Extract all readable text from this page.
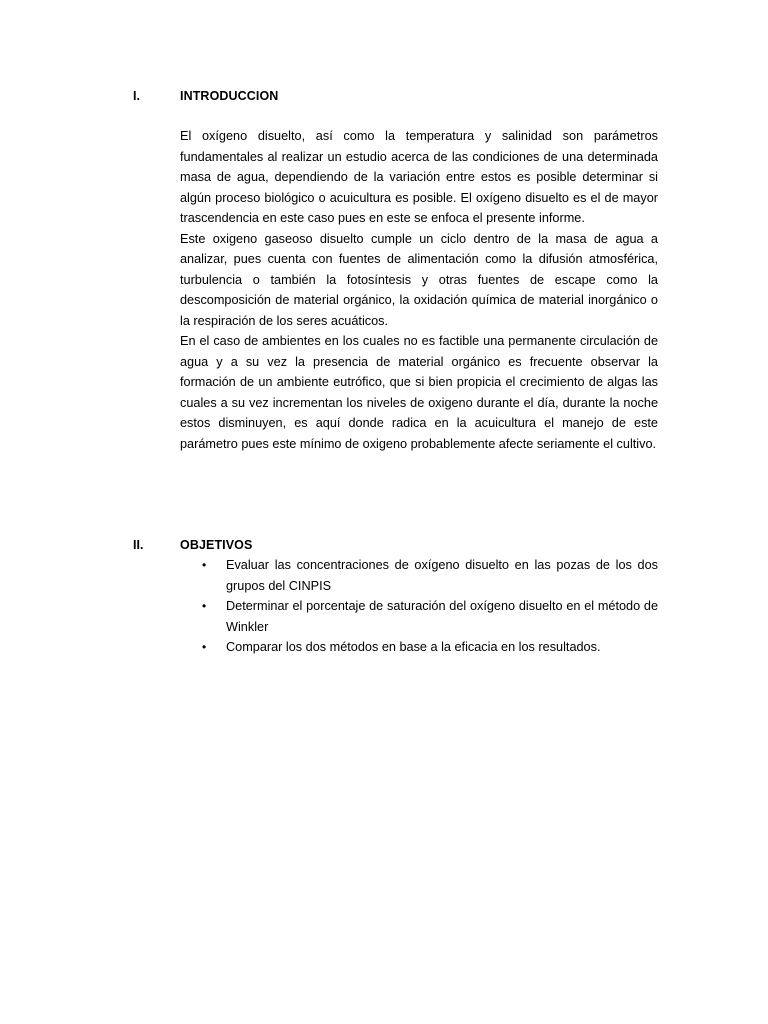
I.	INTRODUCCION

El oxígeno disuelto, así como la temperatura y salinidad son parámetros fundamentales al realizar un estudio acerca de las condiciones de una determinada masa de agua, dependiendo de la variación entre estos es posible determinar si algún proceso biológico o acuicultura es posible. El oxígeno disuelto es el de mayor trascendencia en este caso pues en este se enfoca el presente informe.

Este oxigeno gaseoso disuelto cumple un ciclo dentro de la masa de agua a analizar, pues cuenta con fuentes de alimentación como la difusión atmosférica, turbulencia o también la fotosíntesis y otras fuentes de escape como la descomposición de material orgánico, la oxidación química de material inorgánico o la respiración de los seres acuáticos.

En el caso de ambientes en los cuales no es factible una permanente circulación de agua y a su vez la presencia de material orgánico es frecuente observar la formación de un ambiente eutrófico, que si bien propicia el crecimiento de algas las cuales a su vez incrementan los niveles de oxigeno durante el día, durante la noche estos disminuyen, es aquí donde radica en la acuicultura el manejo de este parámetro pues este mínimo de oxigeno probablemente afecte seriamente el cultivo.

II.	OBJETIVOS
• Evaluar las concentraciones de oxígeno disuelto en las pozas de los dos grupos del CINPIS
• Determinar el porcentaje de saturación del oxígeno disuelto en el método de Winkler
• Comparar los dos métodos en base a la eficacia en los resultados.
